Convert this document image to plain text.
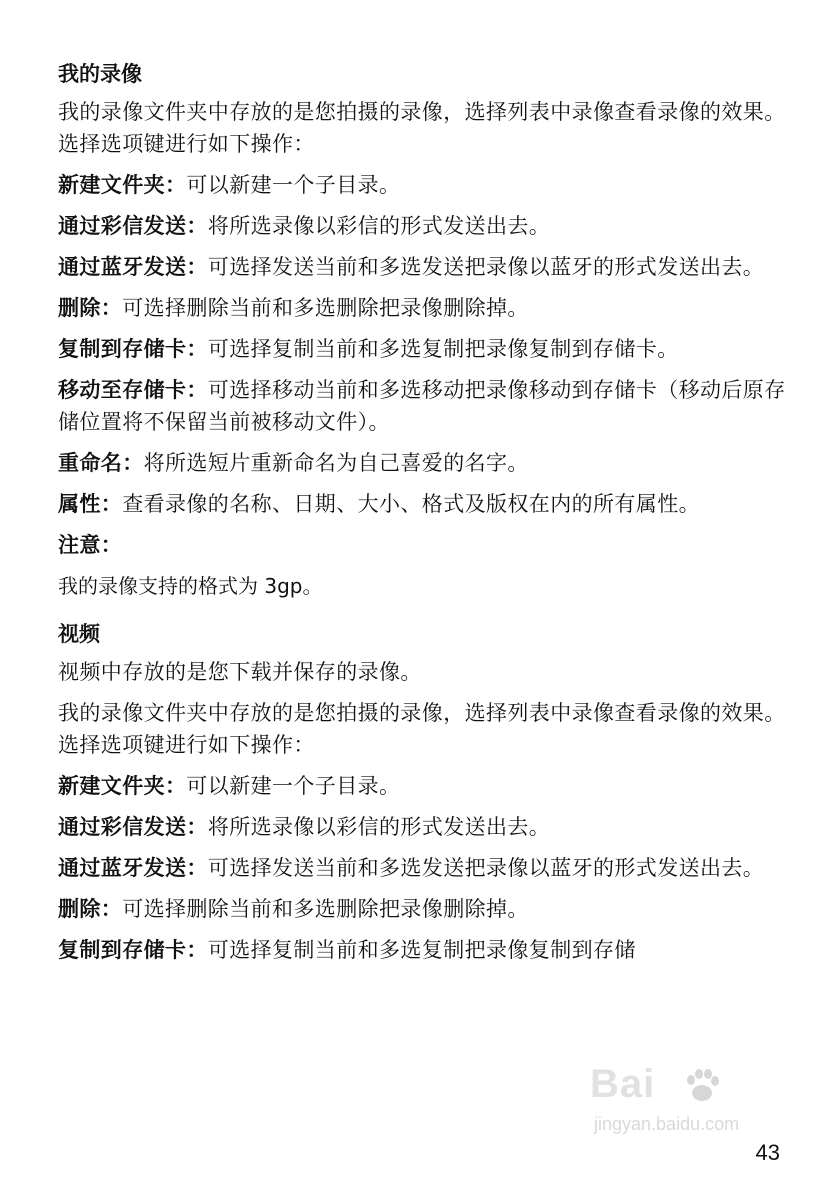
我的录像
我的录像文件夹中存放的是您拍摄的录像，选择列表中录像查看录像的效果。选择选项键进行如下操作：
新建文件夹：可以新建一个子目录。
通过彩信发送：将所选录像以彩信的形式发送出去。
通过蓝牙发送：可选择发送当前和多选发送把录像以蓝牙的形式发送出去。
删除：可选择删除当前和多选删除把录像删除掉。
复制到存储卡：可选择复制当前和多选复制把录像复制到存储卡。
移动至存储卡：可选择移动当前和多选移动把录像移动到存储卡（移动后原存储位置将不保留当前被移动文件）。
重命名：将所选短片重新命名为自己喜爱的名字。
属性：查看录像的名称、日期、大小、格式及版权在内的所有属性。
注意：
我的录像支持的格式为 3gp。
视频
视频中存放的是您下载并保存的录像。
我的录像文件夹中存放的是您拍摄的录像，选择列表中录像查看录像的效果。选择选项键进行如下操作：
新建文件夹：可以新建一个子目录。
通过彩信发送：将所选录像以彩信的形式发送出去。
通过蓝牙发送：可选择发送当前和多选发送把录像以蓝牙的形式发送出去。
删除：可选择删除当前和多选删除把录像删除掉。
复制到存储卡：可选择复制当前和多选复制把录像复制到存储
Bai
jingyan.baidu.com
43
